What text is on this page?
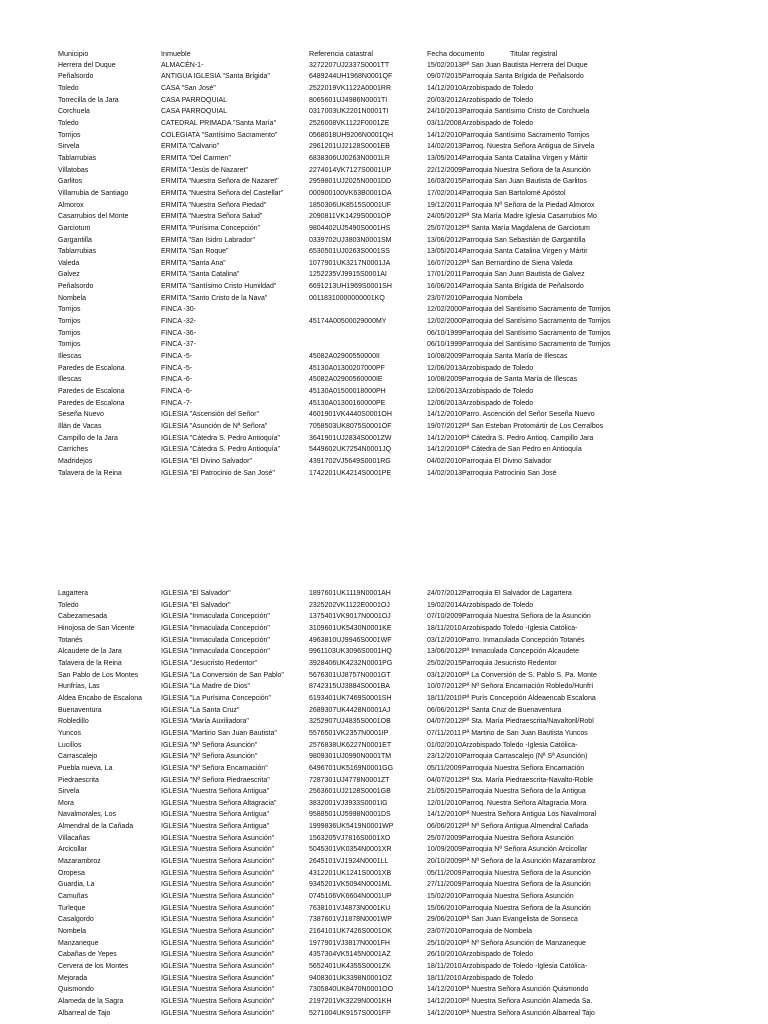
Municipio	Inmueble	Referencia catastral	Fecha documento	Titular registral
Herrera del Duque	ALMACÉN-1-	3272207UJ2337S0001TT	15/02/2013	Pª San Juan Bautista Herrera del Duque
Peñalsordo	ANTIGUA IGLESIA "Santa Brígida"	6489244UH1968N0001QF	09/07/2015	Parroquia Santa Brígida de Peñalsordo
Toledo	CASA "San José"	2522019VK1122A0001RR	14/12/2010	Arzobispado de Toledo
Torrecilla de la Jara	CASA PARROQUIAL	8065601UJ4986N0001TI	20/03/2012	Arzobispado de Toledo
Corchuela	CASA PARROQUIAL	0317003UK2201N0001TI	24/10/2013	Parroquia Santísimo Cristo de Corchuela
Toledo	CATEDRAL PRIMADA "Santa María"	2526008VK1122F0001ZE	03/11/2008	Arzobispado de Toledo
Torrijos	COLEGIATA "Santísimo Sacramento"	0568018UH9206N0001QH	14/12/2010	Parroquia Santísimo Sacramento Torrijos
Sirvela	ERMITA "Calvario"	2961201UJ2128S0001EB	14/02/2013	Parroq. Nuestra Señora Antigua de Sirvela
Tablarrubias	ERMITA "Del Carmen"	6838306UJ0263N0001LR	13/05/2014	Parroquia Santa Catalina Virgen y Mártir
Villatobas	ERMITA "Jesús de Nazaret"	2274014VK7127S0001UP	22/12/2009	Parroquia Nuestra Señora de la Asunción
Garlitos	ERMITA "Nuestra Señora de Nazaret"	2959801UJ2025N0001DD	16/03/2015	Parroquia San Juan Bautista de Garlitos
Villarrubia de Santiago	ERMITA "Nuestra Señora del Castellar"	000900100VK63B0001OA	17/02/2014	Parroquia San Bartolomé Apóstol
Almorox	ERMITA "Nuestra Señora Piedad"	1850306UK8515S0001UF	19/12/2011	Parroquia Nª Señora de la Piedad Almorox
Casarrubios del Monte	ERMITA "Nuestra Señora Salud"	2090811VK1429S0001OP	24/05/2012	Pª Sta María Madre Iglesia Casarrubios Mo
Garciotum	ERMITA "Purísima Concepción"	9804402UJ5490S0001HS	25/07/2012	Pª Santa María Magdalena de Garciotum
Gargantilla	ERMITA "San Isidro Labrador"	0339702UJ3803N0001SM	13/06/2012	Parroquia San Sebastián de Gargantilla
Tablarrubias	ERMITA "San Roque"	6530501UJ0263S0001SS	13/05/2014	Parroquia Santa Catalina Virgen y Mártir
Valeda	ERMITA "Santa Ana"	1077901UK3217N0001JA	16/07/2012	Pª San Bernardino de Siena Valeda
Galvez	ERMITA "Santa Catalina"	1252235VJ9915S0001AI	17/01/2011	Parroquia San Juan Bautista de Galvez
Peñalsordo	ERMITA "Santísimo Cristo Humildad"	6691213UH1969S0001SH	16/06/2014	Parroquia Santa Brígida de Peñalsordo
Nombela	ERMITA "Santo Cristo de la Nava"	00118310000000001KQ	23/07/2010	Parroquia Nombela
Torrijos	FINCA -30-		12/02/2000	Parroquia del Santísimo Sacramento de Torrijos
Torrijos	FINCA -32-	45174A00500029000MY	12/02/2000	Parroquia del Santísimo Sacramento de Torrijos
Torrijos	FINCA -36-		06/10/1999	Parroquia del Santísimo Sacramento de Torrijos
Torrijos	FINCA -37-		06/10/1999	Parroquia del Santísimo Sacramento de Torrijos
Illescas	FINCA -5-	45082A02900550000II	10/08/2009	Parroquia Santa María de Illescas
Paredes de Escalona	FINCA -5-	45130A01300207000PF	12/06/2013	Arzobispado de Toledo
Illescas	FINCA -6-	45082A02900560000IE	10/08/2009	Parroquia de Santa María de Illescas
Paredes de Escalona	FINCA -6-	45130A01500018000PH	12/06/2013	Arzobispado de Toledo
Paredes de Escalona	FINCA -7-	45130A01300160000PE	12/06/2013	Arzobispado de Toledo
Seseña Nuevo	IGLESIA "Ascensión del Señor"	4601901VK4440S0001OH	14/12/2010	Parro. Ascención del Señor Seseña Nuevo
Illán de Vacas	IGLESIA "Asunción de Nª Señora"	7058503UK8075S0001OF	19/07/2012	Pª San Esteban Protomártir de Los Cerralbos
Campillo de la Jara	IGLESIA "Cátedra S. Pedro Antioquía"	3641901UJ2834S0001ZW	14/12/2010	Pª Cátedra S. Pedro Antioq. Campillo Jara
Carriches	IGLESIA "Cátedra S. Pedro Antioquía"	5449602UK7254N0001JQ	14/12/2010	Pª Cátedra de San Pedro en Antioquía
Madridejos	IGLESIA "El Divino Salvador"	4391702VJ5649S0001RG	04/02/2010	Parroquia El Divino Salvador
Talavera de la Reina	IGLESIA "El Patrocinio de San José"	1742201UK4214S0001PE	14/02/2013	Parroquia Patrocinio San José
Lagartera	IGLESIA "El Salvador"	1897601UK1119N0001AH	24/07/2012	Parroquia El Salvador de Lagartera
Toledo	IGLESIA "El Salvador"	2325202VK1122E0001OJ	19/02/2014	Arzobispado de Toledo
Cabezamesada	IGLESIA "Inmaculada Concepción"	1375401VK9017N0001OJ	07/10/2009	Parroquia Nuestra Señora de la Asunción
Hinojosa de San Vicente	IGLESIA "Inmaculada Concepción"	3109601UK5430N0001KE	18/11/2010	Arzobispado Toledo -Iglesia Católica-
Totanés	IGLESIA "Inmaculada Concepción"	4963810UJ9946S0001WF	03/12/2010	Parro. Inmaculada Concepción Totanés
Alcaudete de la Jara	IGLESIA "Inmaculada Concepción"	9961103UK3096S0001HQ	13/06/2012	Pª Inmaculada Concepción Alcaudete
Talavera de la Reina	IGLESIA "Jesucristo Redentor"	3928406UK4232N0001PG	25/02/2015	Parroquia Jesucristo Redentor
San Pablo de Los Montes	IGLESIA "La Conversión de San Pablo"	5676301UJ8757N0001GT	03/12/2010	Pª La Conversión de S. Pablo S. Pa. Monte
Hunfrías, Las	IGLESIA "La Madre de Dios"	8742315UJ3884S0001BA	10/07/2012	Pª Nª Señora Encarnación Robledo/Hunfrí
Aldea Encabo de Escalona	IGLESIA "La Purísima Concepción"	6193401UK7469S0001SH	18/11/2010	Pª Purís Concepción Aldeaencab Escalona
Buenaventura	IGLESIA "La Santa Cruz"	2689307UK4428N0001AJ	06/06/2012	Pª Santa Cruz de Buenaventura
Robledillo	IGLESIA "María Auxiliadora"	3252907UJ4835S0001OB	04/07/2012	Pª Sta. María Piedraescrita/Navaltoril/Robl
Yuncos	IGLESIA "Martirio San Juan Bautista"	5576501VK2357N0001IP	07/11/2011	Pª Martirio de San Juan Bautista Yuncos
Lucillos	IGLESIA "Nª Señora Asunción"	2576838UK6227N0001ET	01/02/2010	Arzobispado Toledo -Iglesia Católica-
Carrascalejo	IGLESIA "Nª Señora Asunción"	9809301UJ0990N0001TM	23/12/2010	Parroquia Carrascalejo (Nª Sª Asunción)
Puebla nueva, La	IGLESIA "Nª Señora Encarnación"	6496701UK5169N0001GG	05/11/2009	Parroquia Nuestra Señora Encarnación
Piedraescrita	IGLESIA "Nª Señora Piedraescrita"	7287301UJ4778N0001ZT	04/07/2012	Pª Sta. María Piedraescrita-Navalto-Roble
Sirvela	IGLESIA "Nuestra Señora Antigua"	2563601UJ2128S0001GB	21/05/2015	Parroquia Nuestra Señora de la Antigua
Mora	IGLESIA "Nuestra Señora Altagracia"	3832001VJ3933S0001IG	12/01/2010	Parroq. Nuestra Señora Altagracia Mora
Navalmorales, Los	IGLESIA "Nuestra Señora Antigua"	9588501UJ5998N0001DS	14/12/2010	Pª Nuestra Señora Antigua Los Navalmoral
Almendral de la Cañada	IGLESIA "Nuestra Señora Antigua"	1999836UK5419N0001WP	06/06/2012	Pª Nª Señora Antigua Almendral Cañada
Villacañas	IGLESIA "Nuestra Señora Asunción"	1563205VJ7816S0001XO	25/07/2009	Parroquia Nuestra Señora Asunción
Arcicollar	IGLESIA "Nuestra Señora Asunción"	5045301VK0354N0001XR	10/09/2009	Parroquia Nª Señora Asunción Arcicollar
Mazarambroz	IGLESIA "Nuestra Señora Asunción"	2645101VJ1924N0001LL	20/10/2009	Pª Nª Señora de la Asunción Mazarambroz
Oropesa	IGLESIA "Nuestra Señora Asunción"	4312201UK1241S0001XB	05/11/2009	Parroquia Nuestra Señora de la Asunción
Guardia, La	IGLESIA "Nuestra Señora Asunción"	9345201VK5094N0001ML	27/11/2009	Parroquia Nuestra Señora de la Asunción
Camuñas	IGLESIA "Nuestra Señora Asunción"	0745106VK6604N0001UP	15/02/2010	Parroquia Nuestra Señora Asunción
Turleque	IGLESIA "Nuestra Señora Asunción"	7638101VJ4873N0001KU	15/06/2010	Parroquia Nuestra Señora de la Asunción
Casalgordo	IGLESIA "Nuestra Señora Asunción"	7387601VJ1878N0001WP	29/06/2010	Pª San Juan Evangelista de Sonseca
Nombela	IGLESIA "Nuestra Señora Asunción"	2164101UK7426S0001OK	23/07/2010	Parroquia de Nombela
Manzaneque	IGLESIA "Nuestra Señora Asunción"	1977901VJ3817N0001FH	25/10/2010	Pª Nª Señora Asunción de Manzaneque
Cabañas de Yepes	IGLESIA "Nuestra Señora Asunción"	4357304VK5145N0001AZ	26/10/2010	Arzobispado de Toledo
Cervera de los Montes	IGLESIA "Nuestra Señora Asunción"	5652401UK4355S0001ZK	18/11/2010	Arzobispado de Toledo -Iglesia Católica-
Mejorada	IGLESIA "Nuestra Señora Asunción"	9408301UK3398N0001OZ	18/11/2010	Arzobispado de Toledo
Quismondo	IGLESIA "Nuestra Señora Asunción"	7305840UK8470N0001OO	14/12/2010	Pª Nuestra Señora Asunción Quismondo
Alameda de la Sagra	IGLESIA "Nuestra Señora Asunción"	2197201VK3229N0001KH	14/12/2010	Pª Nuestra Señora Asunción Alameda Sa.
Albarreal de Tajo	IGLESIA "Nuestra Señora Asunción"	5271004UK9157S0001FP	14/12/2010	Pª Nuestra Señora Asunción Albarreal Tajo
